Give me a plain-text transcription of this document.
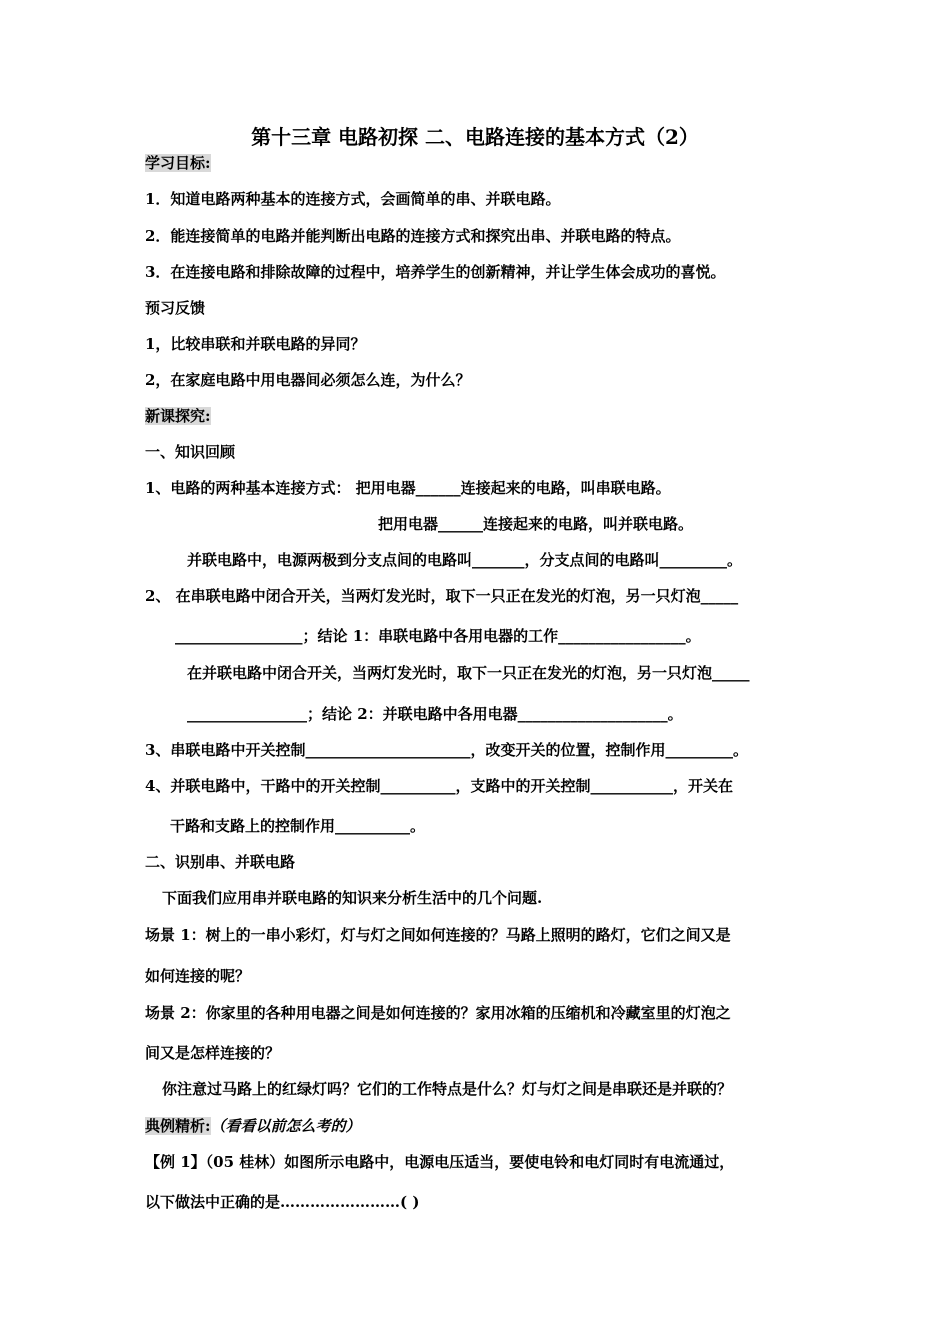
第十三章 电路初探 二、电路连接的基本方式（2）
学习目标:
1．知道电路两种基本的连接方式，会画简单的串、并联电路。
2．能连接简单的电路并能判断出电路的连接方式和探究出串、并联电路的特点。
3．在连接电路和排除故障的过程中，培养学生的创新精神，并让学生体会成功的喜悦。
预习反馈
1，比较串联和并联电路的异同？
2，在家庭电路中用电器间必须怎么连，为什么？
新课探究:
一、知识回顾
1、电路的两种基本连接方式： 把用电器______连接起来的电路，叫串联电路。
把用电器______连接起来的电路，叫并联电路。
并联电路中，电源两极到分支点间的电路叫_______，分支点间的电路叫_________。
2、 在串联电路中闭合开关，当两灯发光时，取下一只正在发光的灯泡，另一只灯泡_____
_________________；结论 1：串联电路中各用电器的工作_________________。
在并联电路中闭合开关，当两灯发光时，取下一只正在发光的灯泡，另一只灯泡_____
________________；结论 2：并联电路中各用电器____________________。
3、串联电路中开关控制______________________，改变开关的位置，控制作用_________。
4、并联电路中，干路中的开关控制__________，支路中的开关控制___________，开关在
干路和支路上的控制作用__________。
二、识别串、并联电路
下面我们应用串并联电路的知识来分析生活中的几个问题.
场景 1：树上的一串小彩灯，灯与灯之间如何连接的？马路上照明的路灯，它们之间又是
如何连接的呢？
场景 2：你家里的各种用电器之间是如何连接的？家用冰箱的压缩机和冷藏室里的灯泡之
间又是怎样连接的？
你注意过马路上的红绿灯吗？它们的工作特点是什么？灯与灯之间是串联还是并联的？
典例精析:（看看以前怎么考的）
【例 1】（05 桂林）如图所示电路中，电源电压适当，要使电铃和电灯同时有电流通过，
以下做法中正确的是……………………( )
